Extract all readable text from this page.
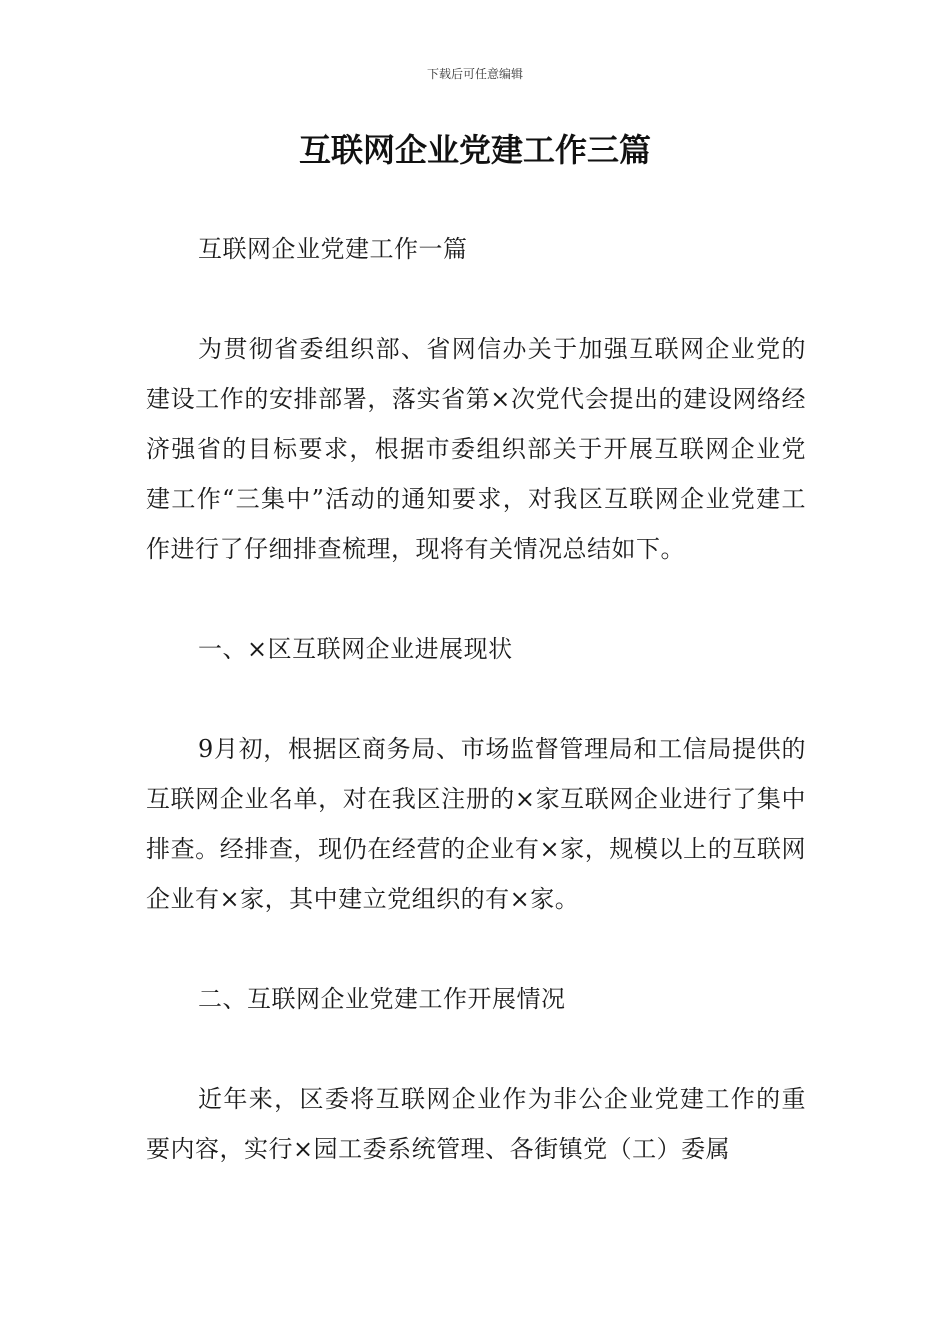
下载后可任意编辑
互联网企业党建工作三篇

互联网企业党建工作一篇

为贯彻省委组织部、省网信办关于加强互联网企业党的建设工作的安排部署，落实省第×次党代会提出的建设网络经济强省的目标要求，根据市委组织部关于开展互联网企业党建工作“三集中”活动的通知要求，对我区互联网企业党建工作进行了仔细排查梳理，现将有关情况总结如下。

一、×区互联网企业进展现状

9月初，根据区商务局、市场监督管理局和工信局提供的互联网企业名单，对在我区注册的×家互联网企业进行了集中排查。经排查，现仍在经营的企业有×家，规模以上的互联网企业有×家，其中建立党组织的有×家。

二、互联网企业党建工作开展情况

近年来，区委将互联网企业作为非公企业党建工作的重要内容，实行×园工委系统管理、各街镇党（工）委属
